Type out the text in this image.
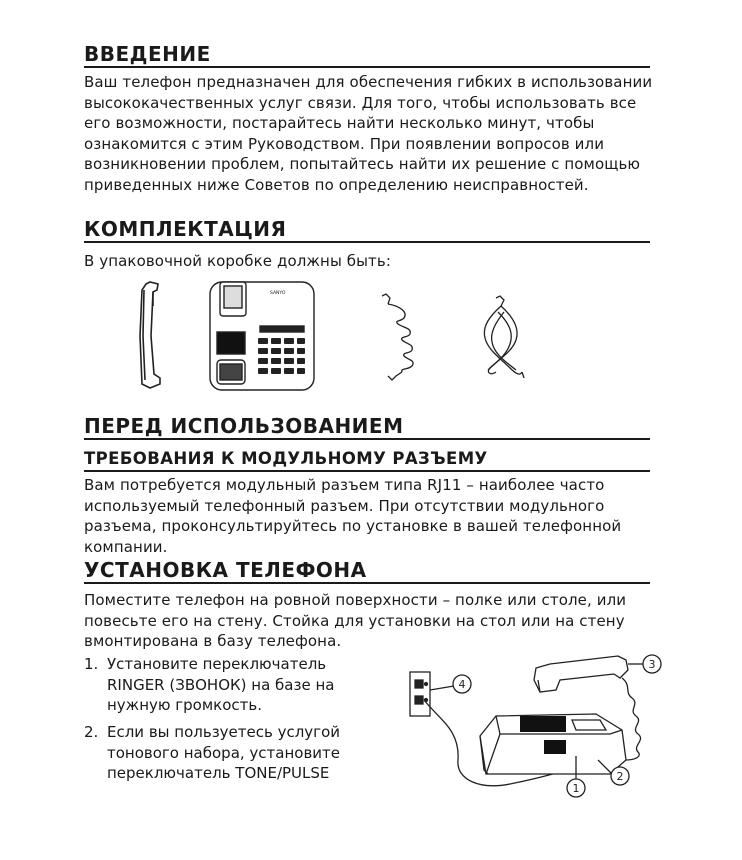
ВВЕДЕНИЕ

Ваш телефон предназначен для обеспечения гибких в использовании высококачественных услуг связи. Для того, чтобы использовать все его возможности, постарайтесь найти несколько минут, чтобы ознакомится с этим Руководством. При появлении вопросов или возникновении проблем, попытайтесь найти их решение с помощью приведенных ниже Советов по определению неисправностей.

КОМПЛЕКТАЦИЯ

В упаковочной коробке должны быть:

SANYO
ПЕРЕД ИСПОЛЬЗОВАНИЕМ
ТРЕБОВАНИЯ К МОДУЛЬНОМУ РАЗЪЕМУ

Вам потребуется модульный разъем типа RJ11 – наиболее часто используемый телефонный разъем. При отсутствии модульного разъема, проконсультируйтесь по установке в вашей телефонной компании.

УСТАНОВКА ТЕЛЕФОНА

Поместите телефон на ровной поверхности – полке или столе, или повесьте его на стену. Стойка для установки на стол или на стену вмонтирована в базу телефона.

1. Установите переключатель RINGER (ЗВОНОК) на базе на нужную громкость.
2. Если вы пользуетесь услугой тонового набора, установите переключатель TONE/PULSE
4
3
2
1
